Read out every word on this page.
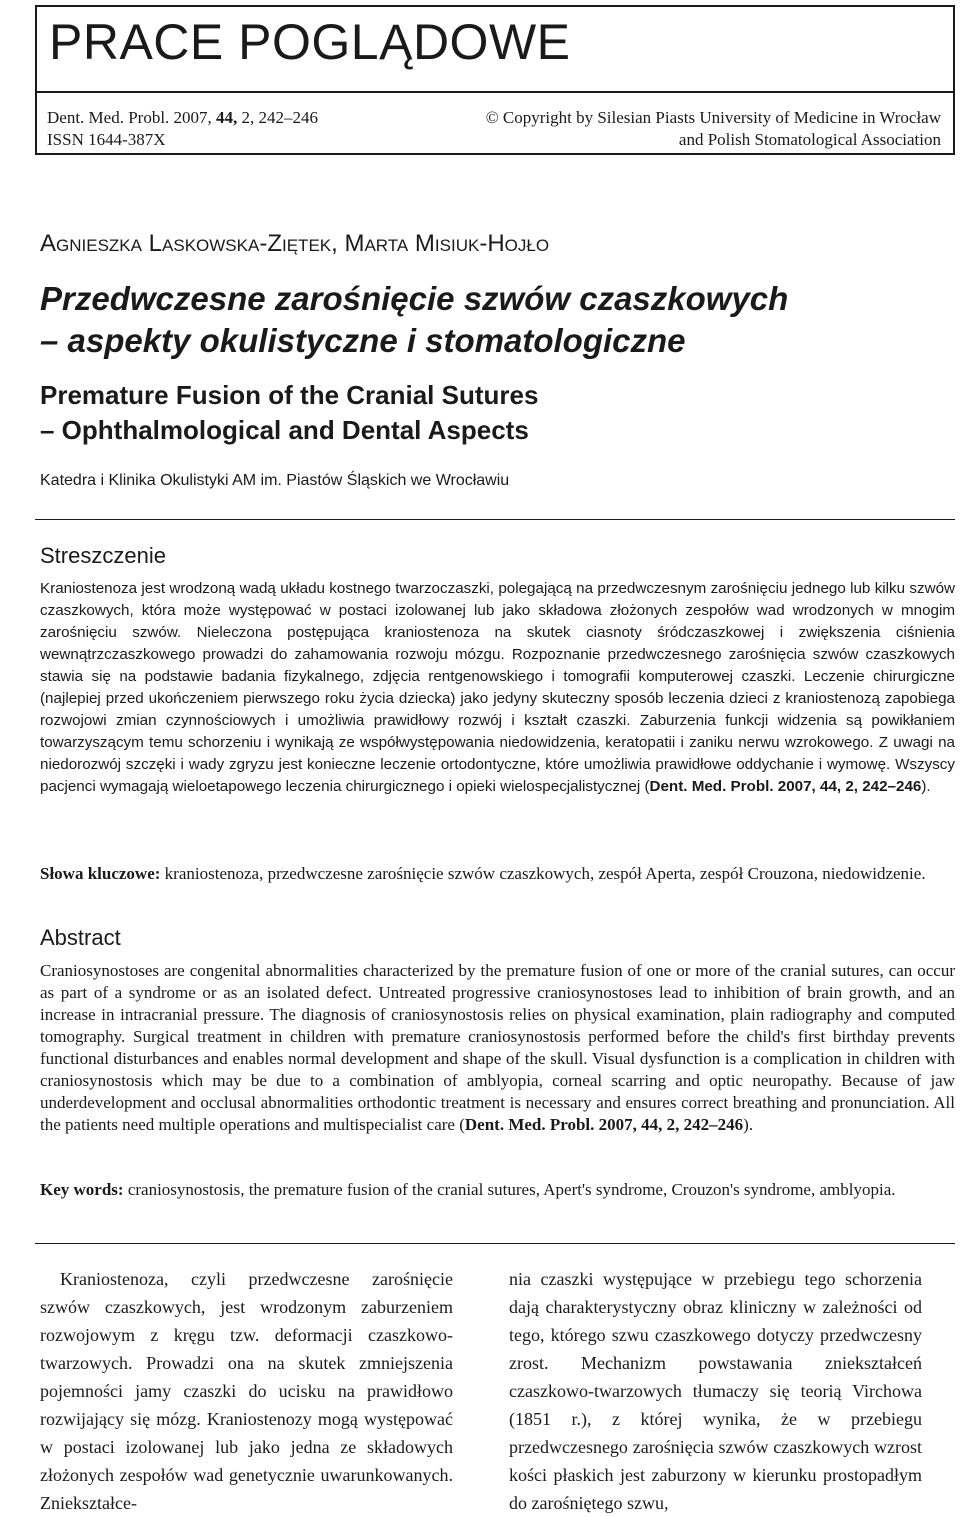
PRACE POGLĄDOWE
Dent. Med. Probl. 2007, 44, 2, 242–246
ISSN 1644-387X
© Copyright by Silesian Piasts University of Medicine in Wrocław
and Polish Stomatological Association
AGNIESZKA LASKOWSKA-ZIĘTEK, MARTA MISIUK-HOJŁO
Przedwczesne zarośnięcie szwów czaszkowych
– aspekty okulistyczne i stomatologiczne
Premature Fusion of the Cranial Sutures
– Ophthalmological and Dental Aspects
Katedra i Klinika Okulistyki AM im. Piastów Śląskich we Wrocławiu
Streszczenie
Kraniostenoza jest wrodzoną wadą układu kostnego twarzoczaszki, polegającą na przedwczesnym zarośnięciu jednego lub kilku szwów czaszkowych, która może występować w postaci izolowanej lub jako składowa złożonych zespołów wad wrodzonych w mnogim zarośnięciu szwów. Nieleczona postępująca kraniostenoza na skutek ciasnoty śródczaszkowej i zwiększenia ciśnienia wewnątrzczaszkowego prowadzi do zahamowania rozwoju mózgu. Rozpoznanie przedwczesnego zarośnięcia szwów czaszkowych stawia się na podstawie badania fizykalnego, zdjęcia rentgenowskiego i tomografii komputerowej czaszki. Leczenie chirurgiczne (najlepiej przed ukończeniem pierwszego roku życia dziecka) jako jedyny skuteczny sposób leczenia dzieci z kraniostenozą zapobiega rozwojowi zmian czynnościowych i umożliwia prawidłowy rozwój i kształt czaszki. Zaburzenia funkcji widzenia są powikłaniem towarzyszącym temu schorzeniu i wynikają ze współwystępowania niedowidzenia, keratopatii i zaniku nerwu wzrokowego. Z uwagi na niedorozwój szczęki i wady zgryzu jest konieczne leczenie ortodontyczne, które umożliwia prawidłowe oddychanie i wymowę. Wszyscy pacjenci wymagają wieloetapowego leczenia chirurgicznego i opieki wielospecjalistycznej (Dent. Med. Probl. 2007, 44, 2, 242–246).
Słowa kluczowe: kraniostenoza, przedwczesne zarośnięcie szwów czaszkowych, zespół Aperta, zespół Crouzona, niedowidzenie.
Abstract
Craniosynostoses are congenital abnormalities characterized by the premature fusion of one or more of the cranial sutures, can occur as part of a syndrome or as an isolated defect. Untreated progressive craniosynostoses lead to inhibition of brain growth, and an increase in intracranial pressure. The diagnosis of craniosynostosis relies on physical examination, plain radiography and computed tomography. Surgical treatment in children with premature craniosynostosis performed before the child's first birthday prevents functional disturbances and enables normal development and shape of the skull. Visual dysfunction is a complication in children with craniosynostosis which may be due to a combination of amblyopia, corneal scarring and optic neuropathy. Because of jaw underdevelopment and occlusal abnormalities orthodontic treatment is necessary and ensures correct breathing and pronunciation. All the patients need multiple operations and multispecialist care (Dent. Med. Probl. 2007, 44, 2, 242–246).
Key words: craniosynostosis, the premature fusion of the cranial sutures, Apert's syndrome, Crouzon's syndrome, amblyopia.
Kraniostenoza, czyli przedwczesne zarośnięcie szwów czaszkowych, jest wrodzonym zaburzeniem rozwojowym z kręgu tzw. deformacji czaszkowo-twarzowych. Prowadzi ona na skutek zmniejszenia pojemności jamy czaszki do ucisku na prawidłowo rozwijający się mózg. Kraniostenozy mogą występować w postaci izolowanej lub jako jedna ze składowych złożonych zespołów wad genetycznie uwarunkowanych. Zniekształce-
nia czaszki występujące w przebiegu tego schorzenia dają charakterystyczny obraz kliniczny w zależności od tego, którego szwu czaszkowego dotyczy przedwczesny zrost. Mechanizm powstawania zniekształceń czaszkowo-twarzowych tłumaczy się teorią Virchowa (1851 r.), z której wynika, że w przebiegu przedwczesnego zarośnięcia szwów czaszkowych wzrost kości płaskich jest zaburzony w kierunku prostopadłym do zarośniętego szwu,
